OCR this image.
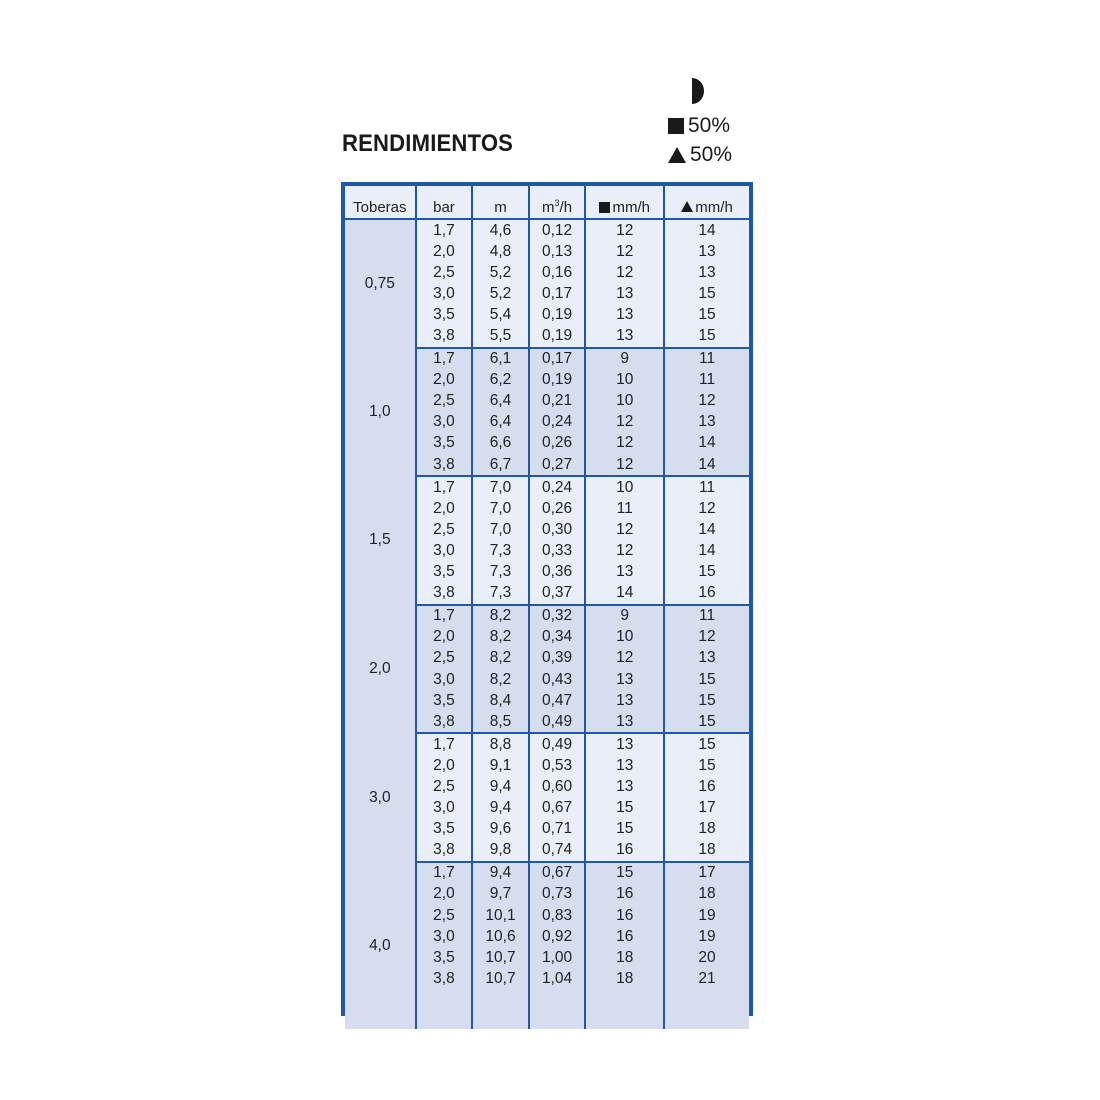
RENDIMIENTOS
50%
50%
Toberas	bar	m	$m^3/h$	mm/h	mm/h
0,75	1,7	4,6	0,12	12	14
	2,0	4,8	0,13	12	13
	2,5	5,2	0,16	12	13
	3,0	5,2	0,17	13	15
	3,5	5,4	0,19	13	15
	3,8	5,5	0,19	13	15
1,0	1,7	6,1	0,17	9	11
	2,0	6,2	0,19	10	11
	2,5	6,4	0,21	10	12
	3,0	6,4	0,24	12	13
	3,5	6,6	0,26	12	14
	3,8	6,7	0,27	12	14
1,5	1,7	7,0	0,24	10	11
	2,0	7,0	0,26	11	12
	2,5	7,0	0,30	12	14
	3,0	7,3	0,33	12	14
	3,5	7,3	0,36	13	15
	3,8	7,3	0,37	14	16
2,0	1,7	8,2	0,32	9	11
	2,0	8,2	0,34	10	12
	2,5	8,2	0,39	12	13
	3,0	8,2	0,43	13	15
	3,5	8,4	0,47	13	15
	3,8	8,5	0,49	13	15
3,0	1,7	8,8	0,49	13	15
	2,0	9,1	0,53	13	15
	2,5	9,4	0,60	13	16
	3,0	9,4	0,67	15	17
	3,5	9,6	0,71	15	18
	3,8	9,8	0,74	16	18
4,0	1,7	9,4	0,67	15	17
	2,0	9,7	0,73	16	18
	2,5	10,1	0,83	16	19
	3,0	10,6	0,92	16	19
	3,5	10,7	1,00	18	20
	3,8	10,7	1,04	18	21
